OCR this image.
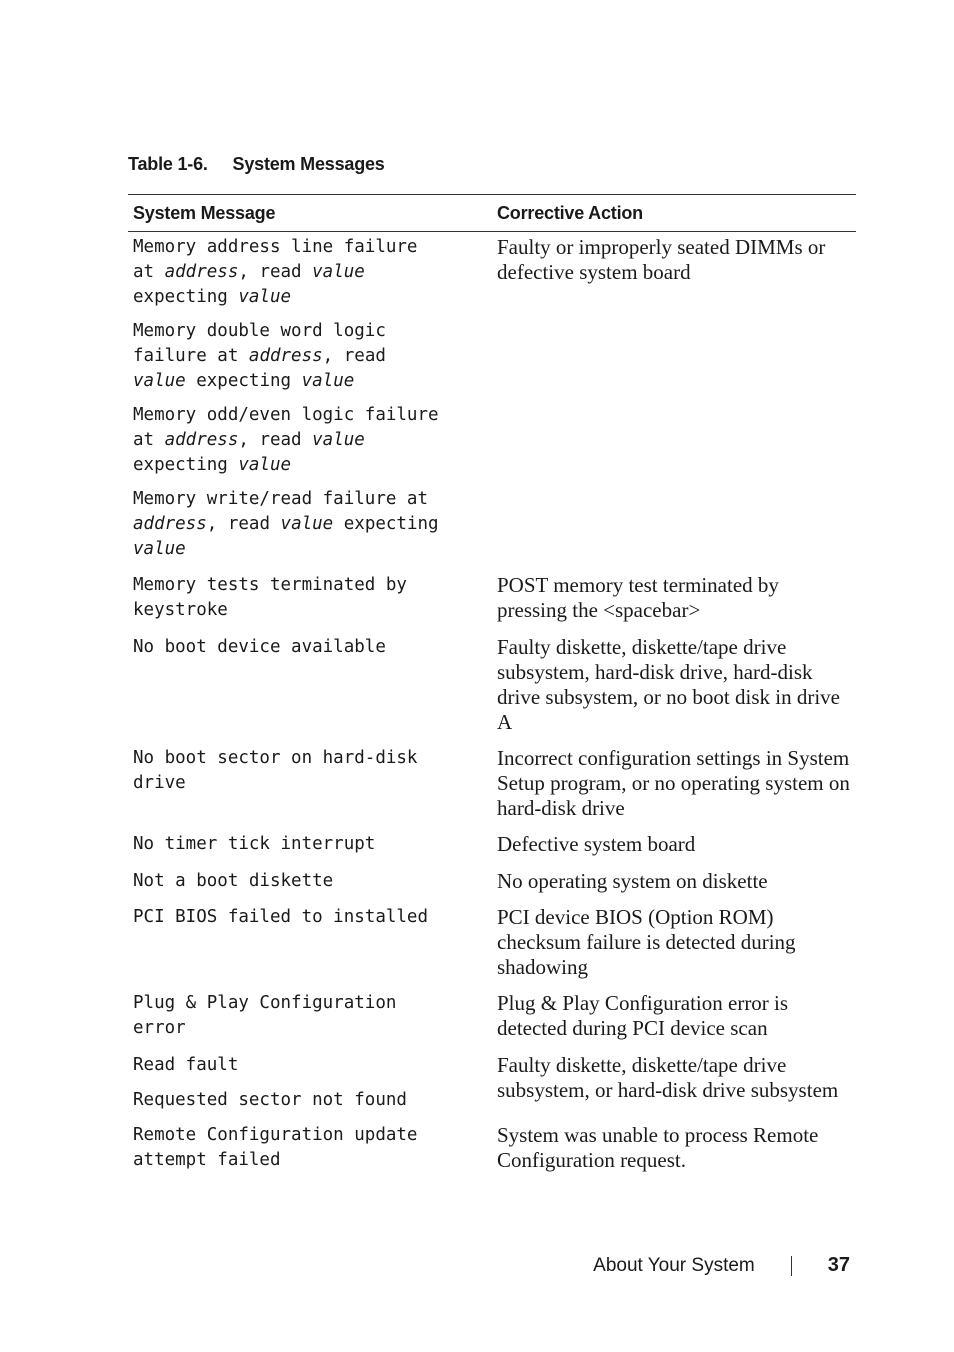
Table 1-6. System Messages
System Message	Corrective Action
Memory address line failure
at address, read value
expecting value
Memory double word logic
failure at address, read
value expecting value
Memory odd/even logic failure
at address, read value
expecting value
Memory write/read failure at
address, read value expecting
value
Memory tests terminated by
keystroke
No boot device available
No boot sector on hard-disk
drive
No timer tick interrupt
Not a boot diskette
PCI BIOS failed to installed
Plug & Play Configuration
error
Read fault
Requested sector not found
Remote Configuration update
attempt failed
Faulty or improperly seated DIMMs or
defective system board
POST memory test terminated by
pressing the <spacebar>
Faulty diskette, diskette/tape drive
subsystem, hard-disk drive, hard-disk
drive subsystem, or no boot disk in drive
A
Incorrect configuration settings in System
Setup program, or no operating system on
hard-disk drive
Defective system board
No operating system on diskette
PCI device BIOS (Option ROM)
checksum failure is detected during
shadowing
Plug & Play Configuration error is
detected during PCI device scan
Faulty diskette, diskette/tape drive
subsystem, or hard-disk drive subsystem
System was unable to process Remote
Configuration request.
About Your System	37
